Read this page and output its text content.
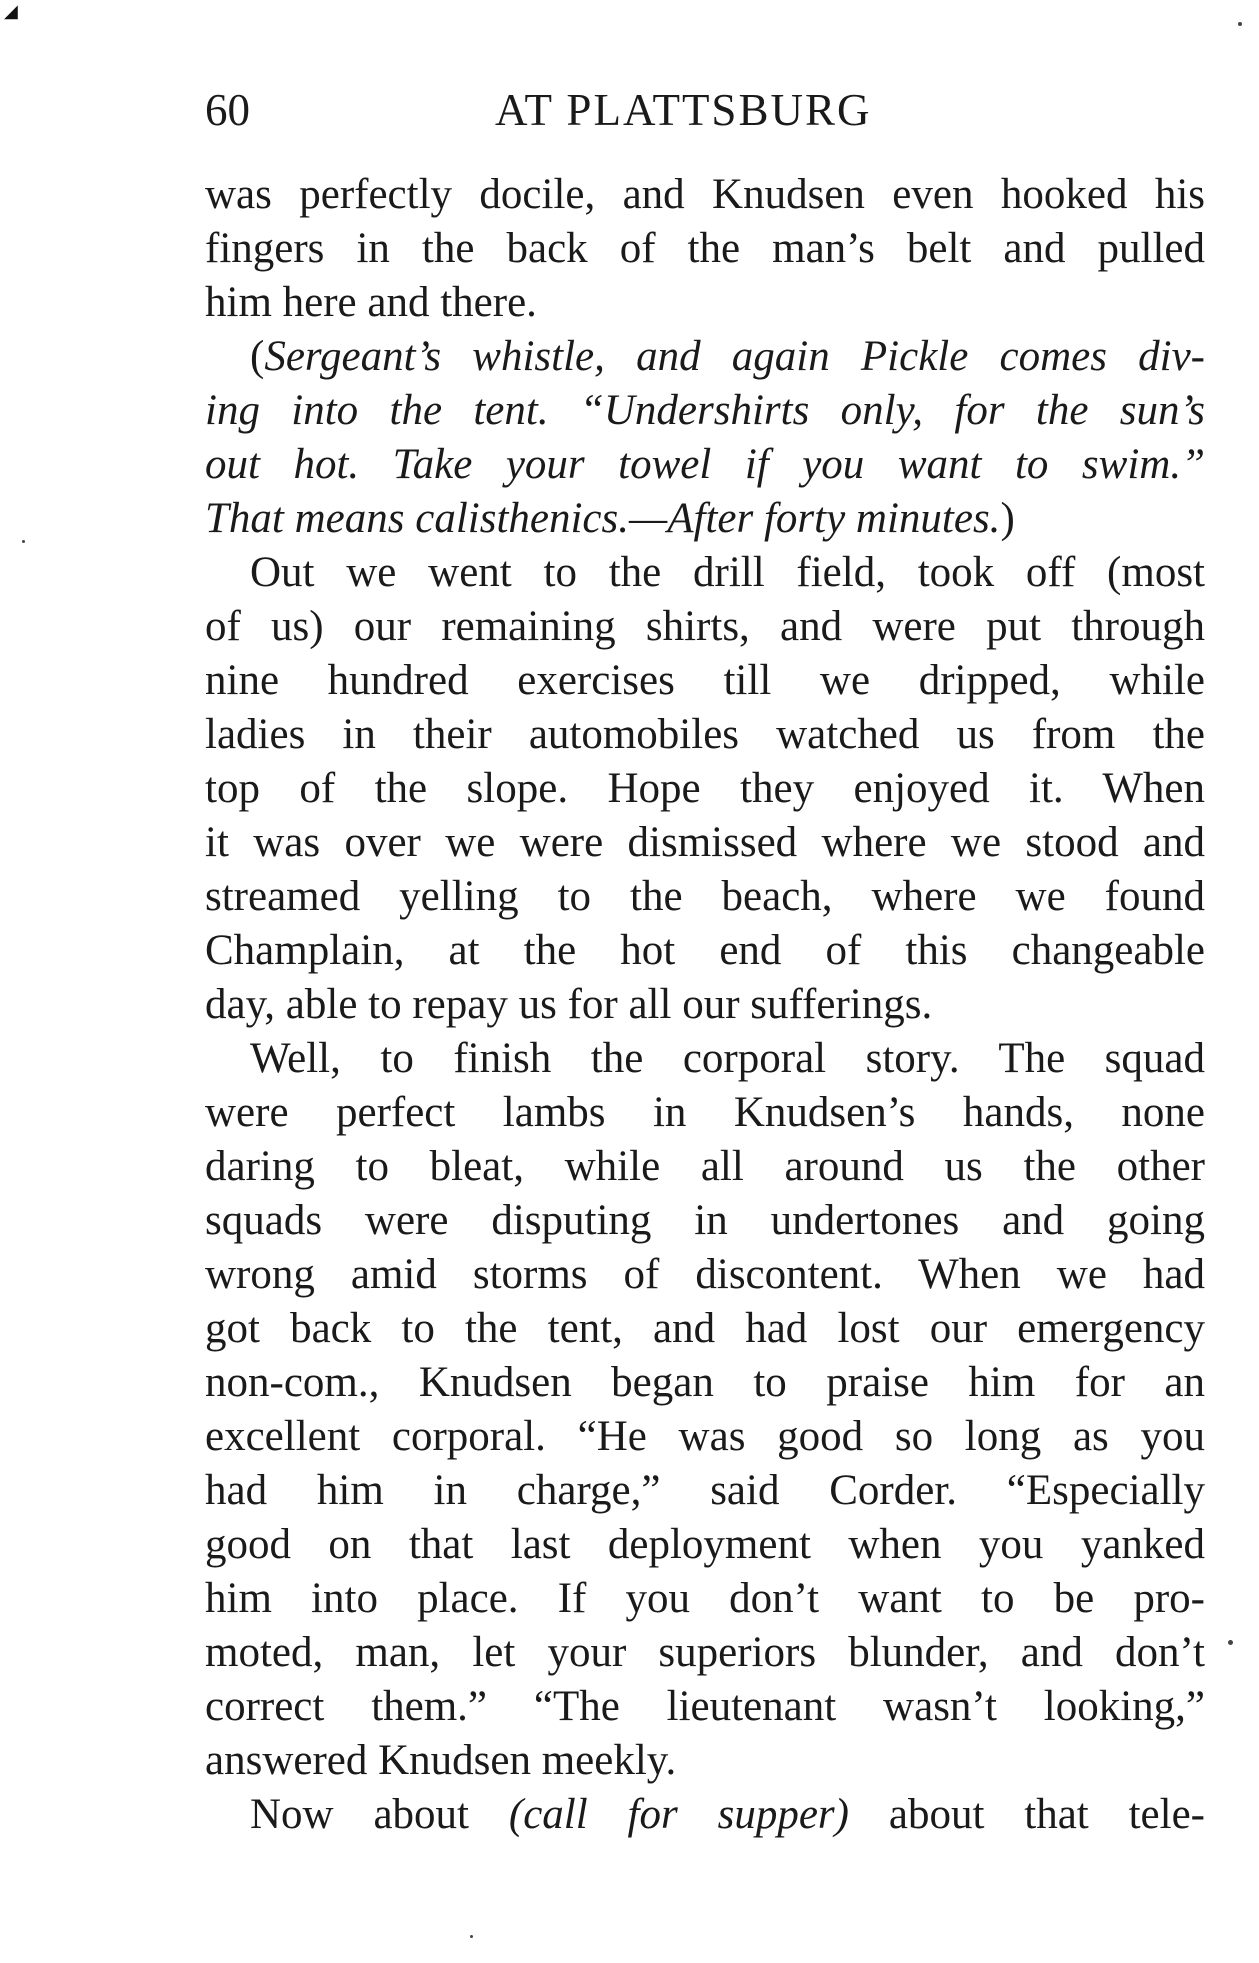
◢
60	AT PLATTSBURG
was perfectly docile, and Knudsen even hooked his
fingers in the back of the man’s belt and pulled
him here and there.
(Sergeant’s whistle, and again Pickle comes div-
ing into the tent. “Undershirts only, for the sun’s
out hot. Take your towel if you want to swim.”
That means calisthenics.—After forty minutes.)
Out we went to the drill field, took off (most
of us) our remaining shirts, and were put through
nine hundred exercises till we dripped, while
ladies in their automobiles watched us from the
top of the slope. Hope they enjoyed it. When
it was over we were dismissed where we stood and
streamed yelling to the beach, where we found
Champlain, at the hot end of this changeable
day, able to repay us for all our sufferings.
Well, to finish the corporal story. The squad
were perfect lambs in Knudsen’s hands, none
daring to bleat, while all around us the other
squads were disputing in undertones and going
wrong amid storms of discontent. When we had
got back to the tent, and had lost our emergency
non-com., Knudsen began to praise him for an
excellent corporal. “He was good so long as you
had him in charge,” said Corder. “Especially
good on that last deployment when you yanked
him into place. If you don’t want to be pro-
moted, man, let your superiors blunder, and don’t
correct them.” “The lieutenant wasn’t looking,”
answered Knudsen meekly.
Now about (call for supper) about that tele-
